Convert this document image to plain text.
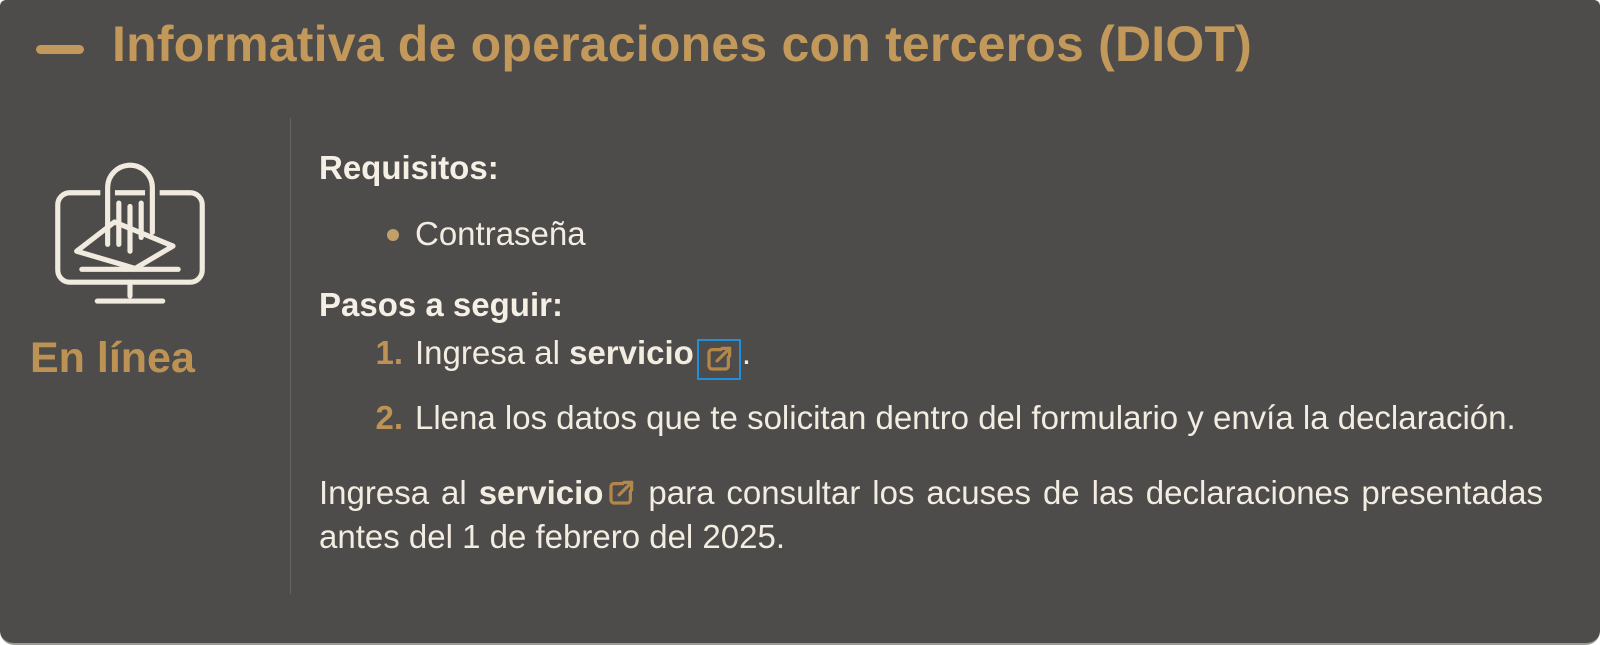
Informativa de operaciones con terceros (DIOT)
En línea
Requisitos:
Contraseña
Pasos a seguir:
1. Ingresa al servicio .
2. Llena los datos que te solicitan dentro del formulario y envía la declaración.

Ingresa al servicio para consultar los acuses de las declaraciones presentadas antes del 1 de febrero del 2025.
